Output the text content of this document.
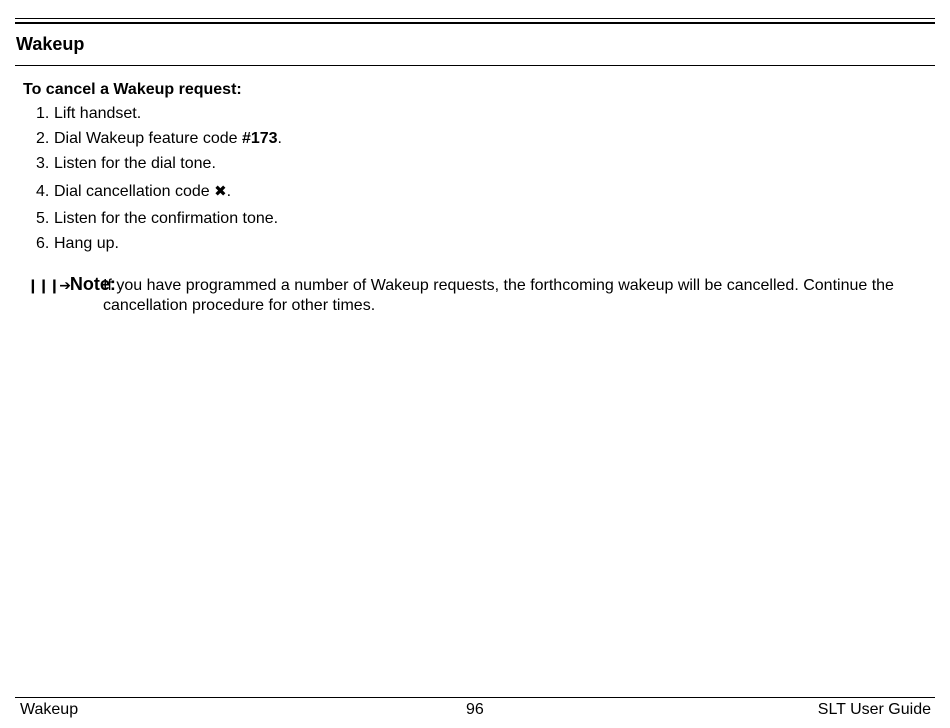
Wakeup
To cancel a Wakeup request:
1. Lift handset.
2. Dial Wakeup feature code #173.
3. Listen for the dial tone.
4. Dial cancellation code ✖.
5. Listen for the confirmation tone.
6. Hang up.
❙❙❙➔Note:

If you have programmed a number of Wakeup requests, the forthcoming wakeup will be cancelled. Continue the cancellation procedure for other times.

Wakeup	96	SLT User Guide
